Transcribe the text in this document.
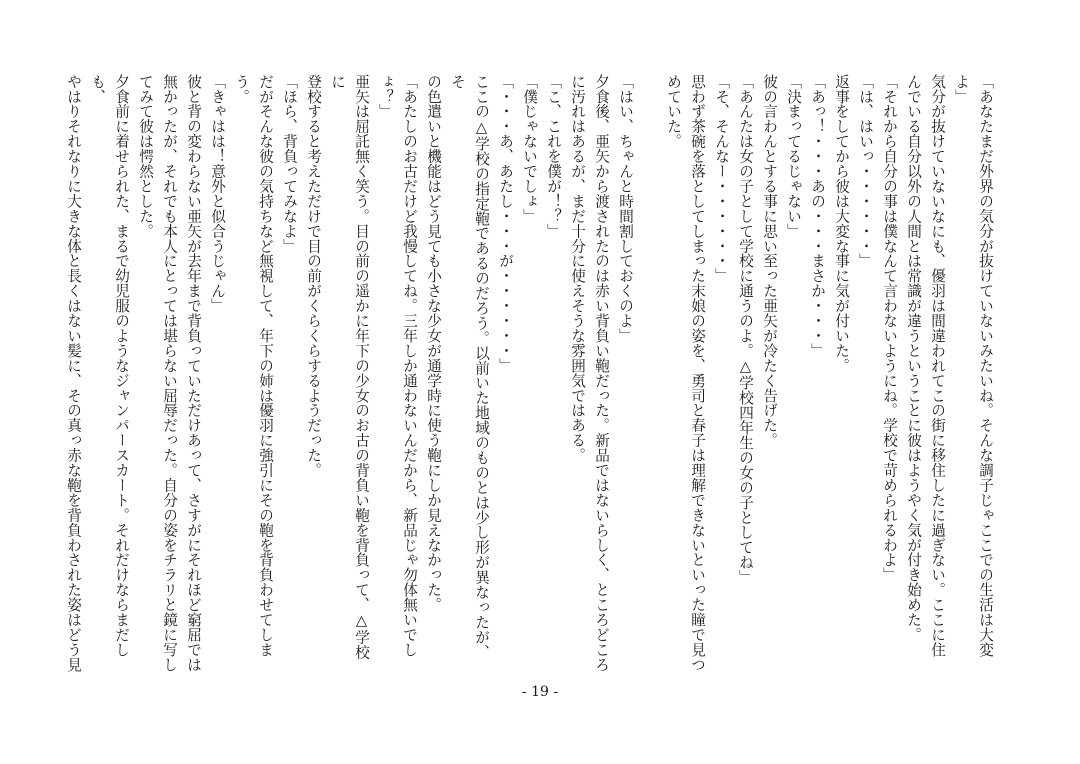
「あなたまだ外界の気分が抜けていないみたいね。そんな調子じゃここでの生活は大変よ」
気分が抜けていないなにも、優羽は間違われてこの街に移住したに過ぎない。ここに住
んでいる自分以外の人間とは常識が違うということに彼はようやく気が付き始めた。
「それから自分の事は僕なんて言わないようにね。学校で苛められるわよ」
「は、はいっ・・・・・・」
返事をしてから彼は大変な事に気が付いた。
「あっ！・・・あの・・・まさか・・・」
「決まってるじゃない」
彼の言わんとする事に思い至った亜矢が冷たく告げた。
「あんたは女の子として学校に通うのよ。△学校四年生の女の子としてね」
「そ、そんなー・・・・・・」
思わず茶碗を落としてしまった末娘の姿を、勇司と春子は理解できないといった瞳で見つ
めていた。
「はい、ちゃんと時間割しておくのよ」
夕食後、亜矢から渡されたのは赤い背負い鞄だった。新品ではないらしく、ところどころ
に汚れはあるが、まだ十分に使えそうな雰囲気ではある。
「こ、これを僕が！？」
「僕じゃないでしょ」
「・・・あ、あたし・・・が・・・・・・」
ここの△学校の指定鞄であるのだろう。以前いた地域のものとは少し形が異なったが、そ
の色遣いと機能はどう見ても小さな少女が通学時に使う鞄にしか見えなかった。
「あたしのお古だけど我慢してね。三年しか通わないんだから、新品じゃ勿体無いでし
ょ？」
亜矢は屈託無く笑う。目の前の遥かに年下の少女のお古の背負い鞄を背負って、△学校に
登校すると考えただけで目の前がくらくらするようだった。
「ほら、背負ってみなよ」
だがそんな彼の気持ちなど無視して、年下の姉は優羽に強引にその鞄を背負わせてしまう。
「きゃはは！意外と似合うじゃん」
彼と背の変わらない亜矢が去年まで背負っていただけあって、さすがにそれほど窮屈では
無かったが、それでも本人にとっては堪らない屈辱だった。自分の姿をチラリと鏡に写し
てみて彼は愕然とした。
夕食前に着せられた、まるで幼児服のようなジャンパースカート。それだけならまだしも、
やはりそれなりに大きな体と長くはない髪に、その真っ赤な鞄を背負わされた姿はどう見
- 19 -
